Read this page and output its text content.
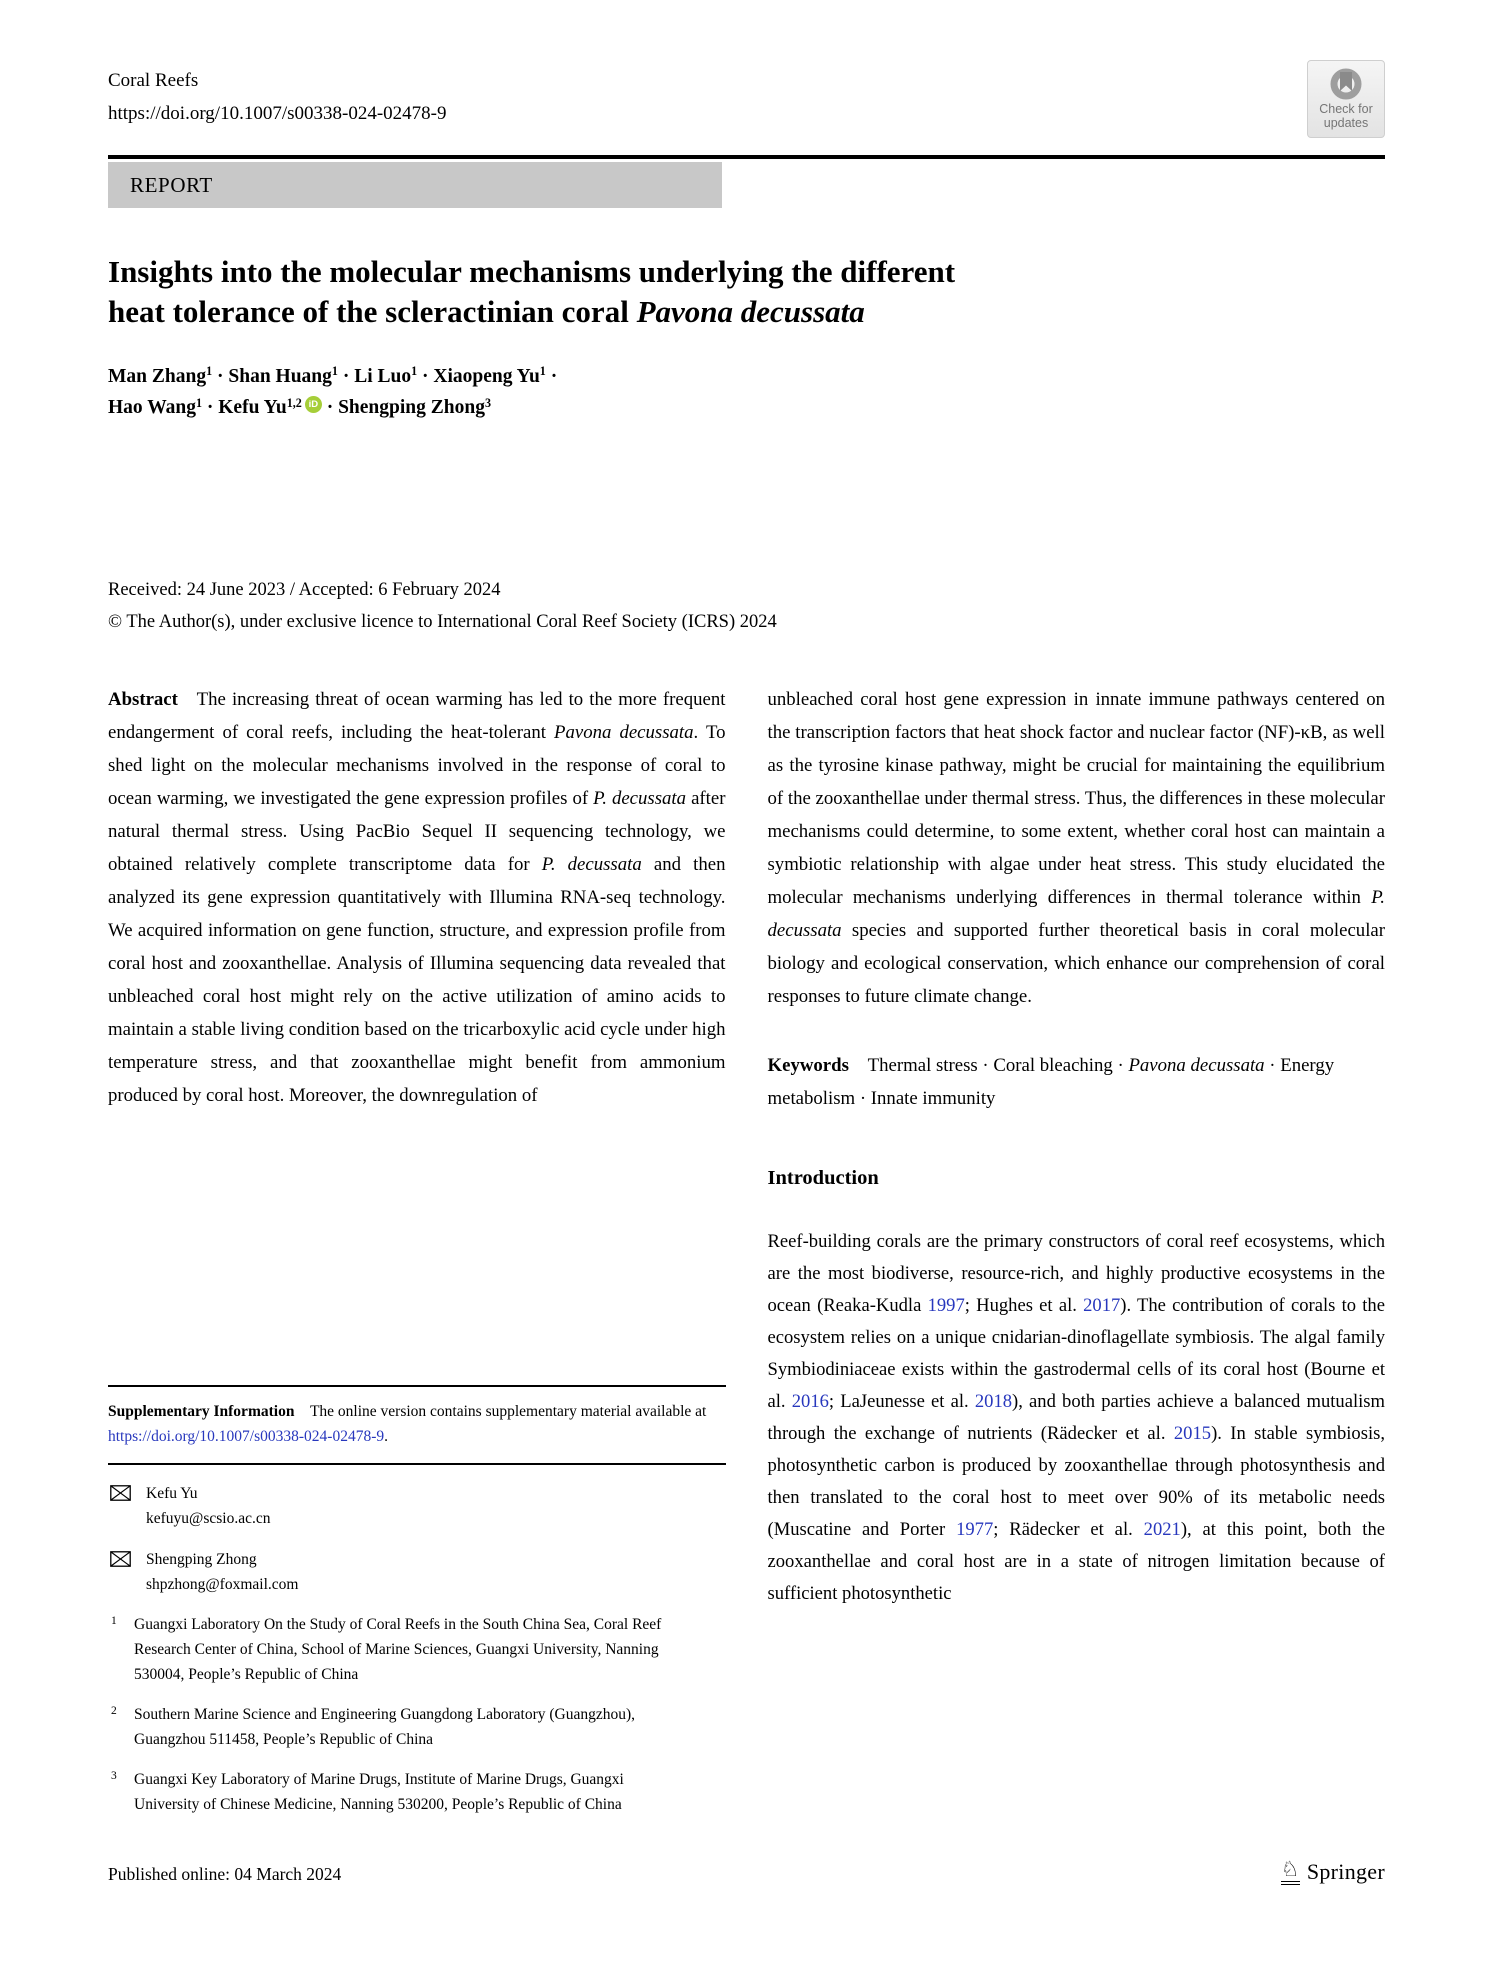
Coral Reefs
https://doi.org/10.1007/s00338-024-02478-9	Check for
updates
REPORT
Insights into the molecular mechanisms underlying the different
heat tolerance of the scleractinian coral Pavona decussata
Man Zhang$^1$ · Shan Huang$^1$ · Li Luo$^1$ · Xiaopeng $Yu^1$ ·
Hao Wang$^1$ · Kefu Yu$^{1,2}$ iD · Shengping Zhong$^3$
Received: 24 June 2023 / Accepted: 6 February 2024
© The Author(s), under exclusive licence to International Coral Reef Society (ICRS) 2024

Abstract The increasing threat of ocean warming has led to the more frequent endangerment of coral reefs, including the heat-tolerant Pavona decussata. To shed light on the molecular mechanisms involved in the response of coral to ocean warming, we investigated the gene expression profiles of P. decussata after natural thermal stress. Using PacBio Sequel II sequencing technology, we obtained relatively complete transcriptome data for P. decussata and then analyzed its gene expression quantitatively with Illumina RNA-seq technology. We acquired information on gene function, structure, and expression profile from coral host and zooxanthellae. Analysis of Illumina sequencing data revealed that unbleached coral host might rely on the active utilization of amino acids to maintain a stable living condition based on the tricarboxylic acid cycle under high temperature stress, and that zooxanthellae might benefit from ammonium produced by coral host. Moreover, the downregulation of

Supplementary Information The online version contains supplementary material available at https://doi.org/10.1007/s00338-024-02478-9.

Kefu Yu
kefuyu@scsio.ac.cn
Shengping Zhong
shpzhong@foxmail.com
1	Guangxi Laboratory On the Study of Coral Reefs in the South China Sea, Coral Reef Research Center of China, School of Marine Sciences, Guangxi University, Nanning 530004, People’s Republic of China
2	Southern Marine Science and Engineering Guangdong Laboratory (Guangzhou), Guangzhou 511458, People’s Republic of China
3	Guangxi Key Laboratory of Marine Drugs, Institute of Marine Drugs, Guangxi University of Chinese Medicine, Nanning 530200, People’s Republic of China

unbleached coral host gene expression in innate immune pathways centered on the transcription factors that heat shock factor and nuclear factor (NF)-κB, as well as the tyrosine kinase pathway, might be crucial for maintaining the equilibrium of the zooxanthellae under thermal stress. Thus, the differences in these molecular mechanisms could determine, to some extent, whether coral host can maintain a symbiotic relationship with algae under heat stress. This study elucidated the molecular mechanisms underlying differences in thermal tolerance within P. decussata species and supported further theoretical basis in coral molecular biology and ecological conservation, which enhance our comprehension of coral responses to future climate change.

Keywords Thermal stress · Coral bleaching · Pavona decussata · Energy metabolism · Innate immunity

Introduction

Reef-building corals are the primary constructors of coral reef ecosystems, which are the most biodiverse, resource-rich, and highly productive ecosystems in the ocean (Reaka-Kudla 1997; Hughes et al. 2017). The contribution of corals to the ecosystem relies on a unique cnidarian-dinoflagellate symbiosis. The algal family Symbiodiniaceae exists within the gastrodermal cells of its coral host (Bourne et al. 2016; LaJeunesse et al. 2018), and both parties achieve a balanced mutualism through the exchange of nutrients (Rädecker et al. 2015). In stable symbiosis, photosynthetic carbon is produced by zooxanthellae through photosynthesis and then translated to the coral host to meet over 90% of its metabolic needs (Muscatine and Porter 1977; Rädecker et al. 2021), at this point, both the zooxanthellae and coral host are in a state of nitrogen limitation because of sufficient photosynthetic

Published online: 04 March 2024	♘ Springer
